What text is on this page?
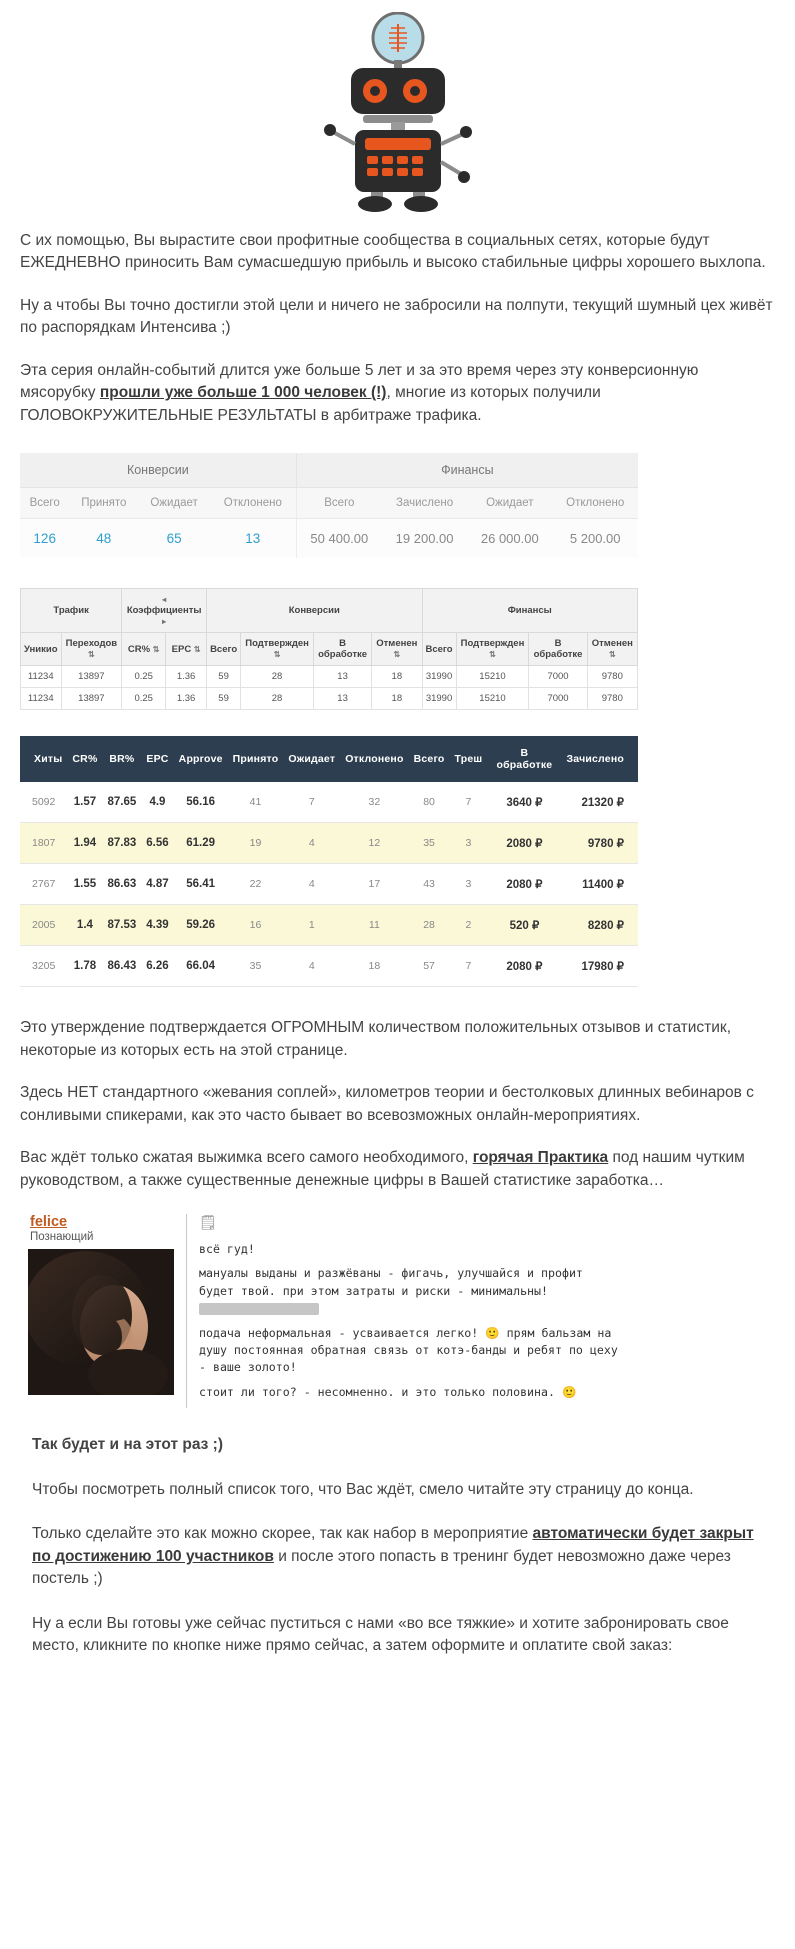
С их помощью, Вы вырастите свои профитные сообщества в социальных сетях, которые будут ЕЖЕДНЕВНО приносить Вам сумасшедшую прибыль и высоко стабильные цифры хорошего выхлопа.

Ну а чтобы Вы точно достигли этой цели и ничего не забросили на полпути, текущий шумный цех живёт по распорядкам Интенсива ;)

Эта серия онлайн-событий длится уже больше 5 лет и за это время через эту конверсионную мясорубку прошли уже больше 1 000 человек (!), многие из которых получили ГОЛОВОКРУЖИТЕЛЬНЫЕ РЕЗУЛЬТАТЫ в арбитраже трафика.

Конверсии				Финансы			
Всего	Принято	Ожидает	Отклонено	Всего	Зачислено	Ожидает	Отклонено
126	48	65	13	50 400.00	19 200.00	26 000.00	5 200.00
Трафик		◂ Коэффициенты ▸		Конверсии				Финансы			
Уникио	Переходов ⇅	CR% ⇅	EPC ⇅	Всего	Подтвержден ⇅	В обработке	Отменен ⇅	Всего	Подтвержден ⇅	В обработке	Отменен ⇅
11234	13897	0.25	1.36	59	28	13	18	31990	15210	7000	9780
11234	13897	0.25	1.36	59	28	13	18	31990	15210	7000	9780
Хиты	CR%	BR%	EPC	Approve	Принято	Ожидает	Отклонено	Всего	Треш	В обработке	Зачислено
5092	1.57	87.65	4.9	56.16	41	7	32	80	7	3640 ₽	21320 ₽
1807	1.94	87.83	6.56	61.29	19	4	12	35	3	2080 ₽	9780 ₽
2767	1.55	86.63	4.87	56.41	22	4	17	43	3	2080 ₽	11400 ₽
2005	1.4	87.53	4.39	59.26	16	1	11	28	2	520 ₽	8280 ₽
3205	1.78	86.43	6.26	66.04	35	4	18	57	7	2080 ₽	17980 ₽

Это утверждение подтверждается ОГРОМНЫМ количеством положительных отзывов и статистик, некоторые из которых есть на этой странице.

Здесь НЕТ стандартного «жевания соплей», километров теории и бестолковых длинных вебинаров с сонливыми спикерами, как это часто бывает во всевозможных онлайн-мероприятиях.

Вас ждёт только сжатая выжимка всего самого необходимого, горячая Практика под нашим чутким руководством, а также существенные денежные цифры в Вашей статистике заработка…

felice
Познающий
🗒

всё гуд!

мануалы выданы и разжёваны - фигачь, улучшайся и профит будет твой. при этом затраты и риски - минимальны!

подача неформальная - усваивается легко! 🙂 прям бальзам на душу постоянная обратная связь от котэ-банды и ребят по цеху - ваше золото!

стоит ли того? - несомненно. и это только половина. 🙂

Так будет и на этот раз ;)

Чтобы посмотреть полный список того, что Вас ждёт, смело читайте эту страницу до конца.

Только сделайте это как можно скорее, так как набор в мероприятие автоматически будет закрыт по достижению 100 участников и после этого попасть в тренинг будет невозможно даже через постель ;)

Ну а если Вы готовы уже сейчас пуститься с нами «во все тяжкие» и хотите забронировать свое место, кликните по кнопке ниже прямо сейчас, а затем оформите и оплатите свой заказ:
